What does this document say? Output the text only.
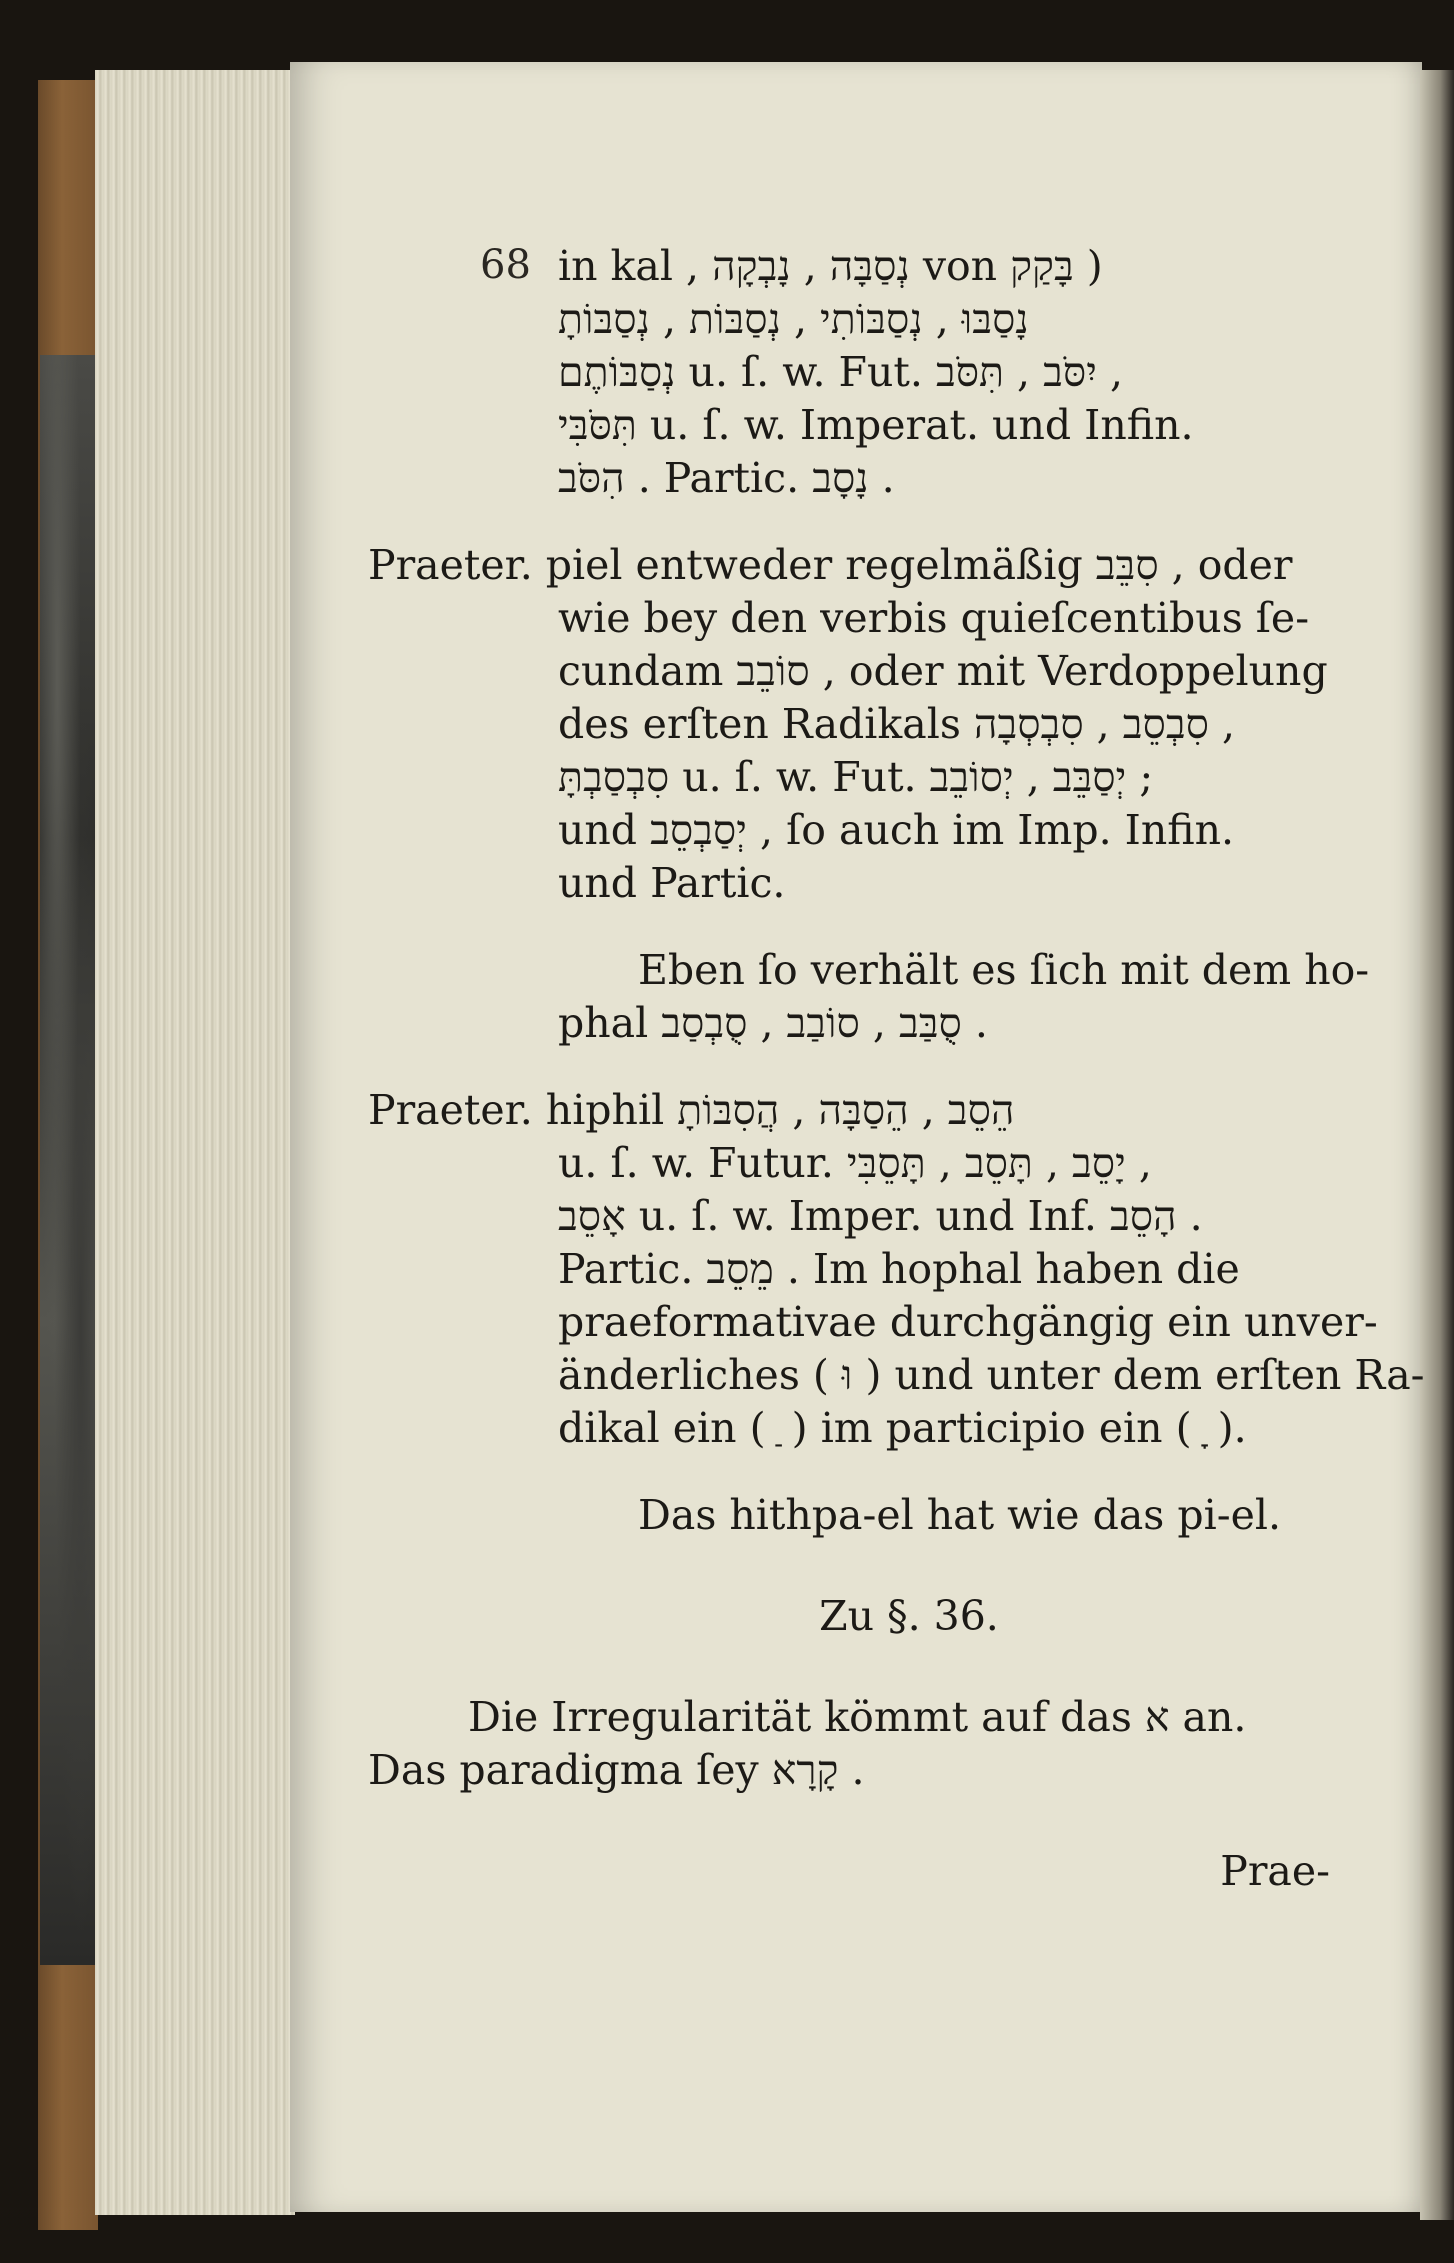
68 in kal , נְסַבָּה , נָבְקָה von בָּקַק )
נָסַבּוּ , נְסַבּוֹתִי , נְסַבּוֹת , נְסַבּוֹתָ
נְסַבּוֹתֶם u. ſ. w. Fut. יִסֹּב , תִּסֹּב ,
תִּסֹּבִּי u. ſ. w. Imperat. und Infin.
הִסֹּב . Partic. נָסָב .
Praeter. piel entweder regelmäßig סִבֵּב , oder
wie bey den verbis quieſcentibus ſe-
cundam סוֹבֵב , oder mit Verdoppelung
des erſten Radikals סִבְסֵב , סִבְסְבָה ,
סִבְסַבְתָּ u. ſ. w. Fut. יְסַבֵּב , יְסוֹבֵב ;
und יְסַבְסֵב , ſo auch im Imp. Infin.
und Partic.
Eben ſo verhält es ſich mit dem ho-
phal סֻבַּב , סוֹבַב , סֻבְסַב .
Praeter. hiphil הֵסֵב , הֵסַבָּה , הֲסִבּוֹתָ
u. ſ. w. Futur. יָסֵב , תָּסֵב , תָּסֵבִּי ,
אָסֵב u. ſ. w. Imper. und Inf. הָסֵב .
Partic. מֵסֵב . Im hophal haben die
praeformativae durchgängig ein unver-
änderliches ( וּ ) und unter dem erſten Ra-
dikal ein ( ַ ) im participio ein ( ָ ).
Das hithpa-el hat wie das pi-el.
Zu §. 36.
Die Irregularität kömmt auf das א an.
Das paradigma ſey קָרָא .
Prae-
